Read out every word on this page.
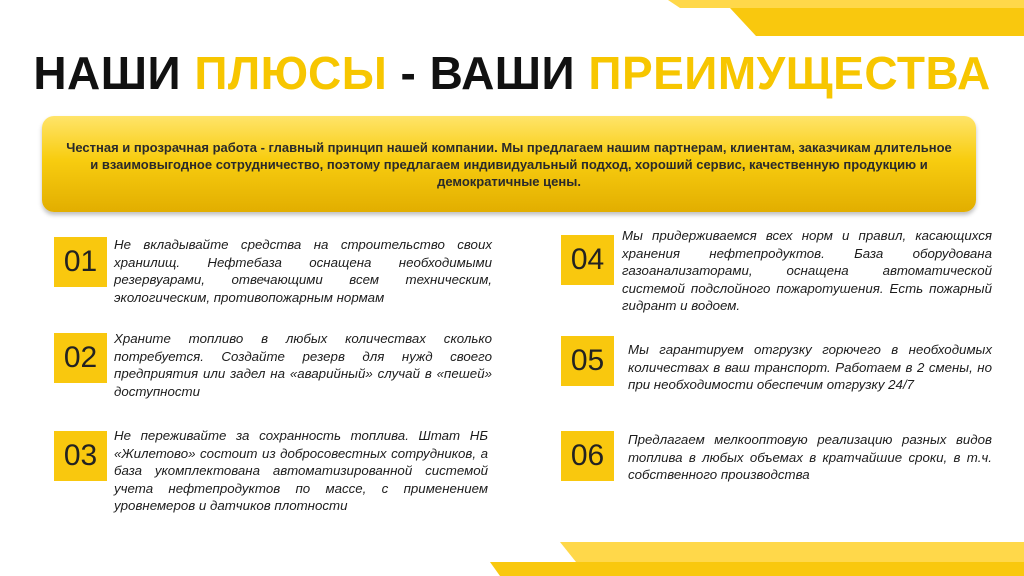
НАШИ ПЛЮСЫ - ВАШИ ПРЕИМУЩЕСТВА

Честная и прозрачная работа - главный принцип нашей компании. Мы предлагаем нашим партнерам, клиентам, заказчикам длительное и взаимовыгодное сотрудничество, поэтому предлагаем индивидуальный подход, хороший сервис, качественную продукцию и демократичные цены.

01

Не вкладывайте средства на строительство своих хранилищ. Нефтебаза оснащена необходимыми резервуарами, отвечающими всем техническим, экологическим, противопожарным нормам

02

Храните топливо в любых количествах сколько потребуется. Создайте резерв для нужд своего предприятия или задел на «аварийный» случай в «пешей» доступности

03

Не переживайте за сохранность топлива. Штат НБ «Жилетово» состоит из добросовестных сотрудников, а база укомплектована автоматизированной системой учета нефтепродуктов по массе, с применением уровнемеров и датчиков плотности

04

Мы придерживаемся всех норм и правил, касающихся хранения нефтепродуктов. База оборудована газоанализаторами, оснащена автоматической системой подслойного пожаротушения. Есть пожарный гидрант и водоем.

05	Мы гарантируем отгрузку горючего в необходимых количествах в ваш транспорт. Работаем в 2 смены, но при необходимости обеспечим отгрузку 24/7

06	Предлагаем мелкооптовую реализацию разных видов топлива в любых объемах в кратчайшие сроки, в т.ч. собственного производства
